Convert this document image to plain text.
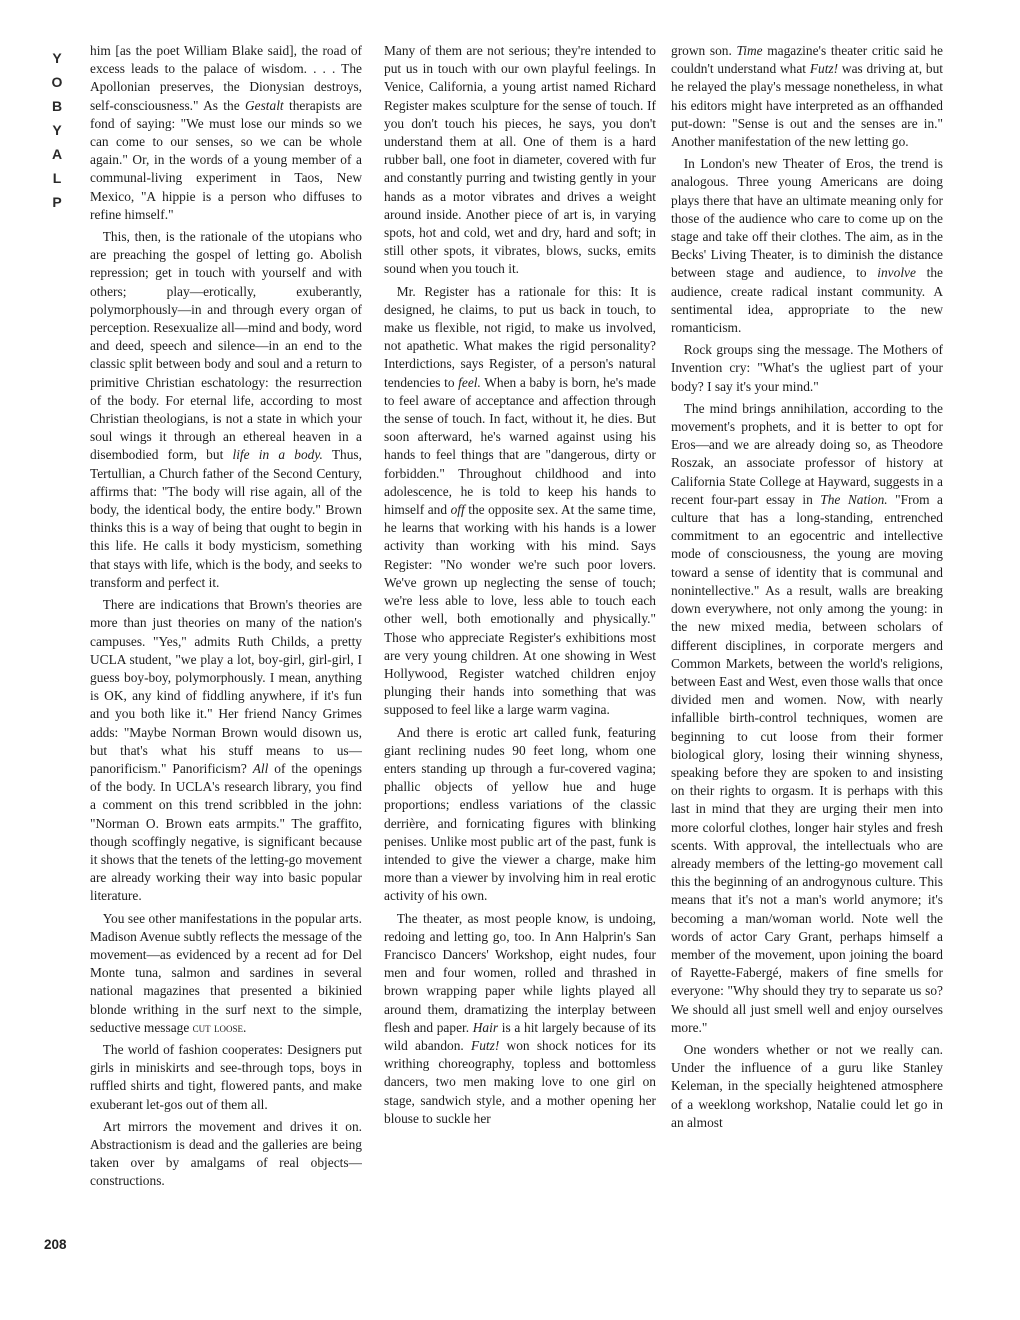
Y
O
B
Y
A
L
P
208

him [as the poet William Blake said], the road of excess leads to the palace of wisdom. . . . The Apollonian preserves, the Dionysian destroys, self-consciousness." As the Gestalt therapists are fond of saying: "We must lose our minds so we can come to our senses, so we can be whole again." Or, in the words of a young member of a communal-living experiment in Taos, New Mexico, "A hippie is a person who diffuses to refine himself."

This, then, is the rationale of the utopians who are preaching the gospel of letting go. Abolish repression; get in touch with yourself and with others; play—erotically, exuberantly, polymorphously—in and through every organ of perception. Resexualize all—mind and body, word and deed, speech and silence—in an end to the classic split between body and soul and a return to primitive Christian eschatology: the resurrection of the body. For eternal life, according to most Christian theologians, is not a state in which your soul wings it through an ethereal heaven in a disembodied form, but life in a body. Thus, Tertullian, a Church father of the Second Century, affirms that: "The body will rise again, all of the body, the identical body, the entire body." Brown thinks this is a way of being that ought to begin in this life. He calls it body mysticism, something that stays with life, which is the body, and seeks to transform and perfect it.

There are indications that Brown's theories are more than just theories on many of the nation's campuses. "Yes," admits Ruth Childs, a pretty UCLA student, "we play a lot, boy-girl, girl-girl, I guess boy-boy, polymorphously. I mean, anything is OK, any kind of fiddling anywhere, if it's fun and you both like it." Her friend Nancy Grimes adds: "Maybe Norman Brown would disown us, but that's what his stuff means to us—panorificism." Panorificism? All of the openings of the body. In UCLA's research library, you find a comment on this trend scribbled in the john: "Norman O. Brown eats armpits." The graffito, though scoffingly negative, is significant because it shows that the tenets of the letting-go movement are already working their way into basic popular literature.

You see other manifestations in the popular arts. Madison Avenue subtly reflects the message of the movement—as evidenced by a recent ad for Del Monte tuna, salmon and sardines in several national magazines that presented a bikinied blonde writhing in the surf next to the simple, seductive message cut loose.

The world of fashion cooperates: Designers put girls in miniskirts and see-through tops, boys in ruffled shirts and tight, flowered pants, and make exuberant let-gos out of them all.

Art mirrors the movement and drives it on. Abstractionism is dead and the galleries are being taken over by amalgams of real objects—constructions.

Many of them are not serious; they're intended to put us in touch with our own playful feelings. In Venice, California, a young artist named Richard Register makes sculpture for the sense of touch. If you don't touch his pieces, he says, you don't understand them at all. One of them is a hard rubber ball, one foot in diameter, covered with fur and constantly purring and twisting gently in your hands as a motor vibrates and drives a weight around inside. Another piece of art is, in varying spots, hot and cold, wet and dry, hard and soft; in still other spots, it vibrates, blows, sucks, emits sound when you touch it.

Mr. Register has a rationale for this: It is designed, he claims, to put us back in touch, to make us flexible, not rigid, to make us involved, not apathetic. What makes the rigid personality? Interdictions, says Register, of a person's natural tendencies to feel. When a baby is born, he's made to feel aware of acceptance and affection through the sense of touch. In fact, without it, he dies. But soon afterward, he's warned against using his hands to feel things that are "dangerous, dirty or forbidden." Throughout childhood and into adolescence, he is told to keep his hands to himself and off the opposite sex. At the same time, he learns that working with his hands is a lower activity than working with his mind. Says Register: "No wonder we're such poor lovers. We've grown up neglecting the sense of touch; we're less able to love, less able to touch each other well, both emotionally and physically." Those who appreciate Register's exhibitions most are very young children. At one showing in West Hollywood, Register watched children enjoy plunging their hands into something that was supposed to feel like a large warm vagina.

And there is erotic art called funk, featuring giant reclining nudes 90 feet long, whom one enters standing up through a fur-covered vagina; phallic objects of yellow hue and huge proportions; endless variations of the classic derrière, and fornicating figures with blinking penises. Unlike most public art of the past, funk is intended to give the viewer a charge, make him more than a viewer by involving him in real erotic activity of his own.

The theater, as most people know, is undoing, redoing and letting go, too. In Ann Halprin's San Francisco Dancers' Workshop, eight nudes, four men and four women, rolled and thrashed in brown wrapping paper while lights played all around them, dramatizing the interplay between flesh and paper. Hair is a hit largely because of its wild abandon. Futz! won shock notices for its writhing choreography, topless and bottomless dancers, two men making love to one girl on stage, sandwich style, and a mother opening her blouse to suckle her

grown son. Time magazine's theater critic said he couldn't understand what Futz! was driving at, but he relayed the play's message nonetheless, in what his editors might have interpreted as an offhanded put-down: "Sense is out and the senses are in." Another manifestation of the new letting go.

In London's new Theater of Eros, the trend is analogous. Three young Americans are doing plays there that have an ultimate meaning only for those of the audience who care to come up on the stage and take off their clothes. The aim, as in the Becks' Living Theater, is to diminish the distance between stage and audience, to involve the audience, create radical instant community. A sentimental idea, appropriate to the new romanticism.

Rock groups sing the message. The Mothers of Invention cry: "What's the ugliest part of your body? I say it's your mind."

The mind brings annihilation, according to the movement's prophets, and it is better to opt for Eros—and we are already doing so, as Theodore Roszak, an associate professor of history at California State College at Hayward, suggests in a recent four-part essay in The Nation. "From a culture that has a long-standing, entrenched commitment to an egocentric and intellective mode of consciousness, the young are moving toward a sense of identity that is communal and nonintellective." As a result, walls are breaking down everywhere, not only among the young: in the new mixed media, between scholars of different disciplines, in corporate mergers and Common Markets, between the world's religions, between East and West, even those walls that once divided men and women. Now, with nearly infallible birth-control techniques, women are beginning to cut loose from their former biological glory, losing their winning shyness, speaking before they are spoken to and insisting on their rights to orgasm. It is perhaps with this last in mind that they are urging their men into more colorful clothes, longer hair styles and fresh scents. With approval, the intellectuals who are already members of the letting-go movement call this the beginning of an androgynous culture. This means that it's not a man's world anymore; it's becoming a man/woman world. Note well the words of actor Cary Grant, perhaps himself a member of the movement, upon joining the board of Rayette-Fabergé, makers of fine smells for everyone: "Why should they try to separate us so? We should all just smell well and enjoy ourselves more."

One wonders whether or not we really can. Under the influence of a guru like Stanley Keleman, in the specially heightened atmosphere of a weeklong workshop, Natalie could let go in an almost
